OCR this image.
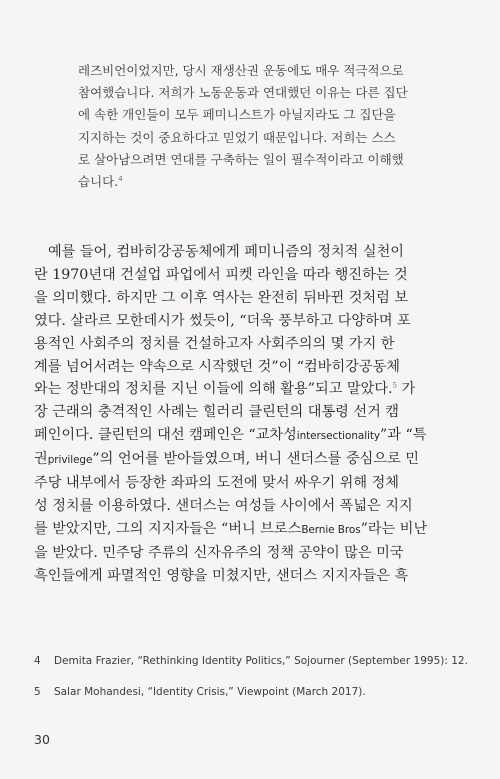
레즈비언이었지만, 당시 재생산권 운동에도 매우 적극적으로
참여했습니다. 저희가 노동운동과 연대했던 이유는 다른 집단
에 속한 개인들이 모두 페미니스트가 아닐지라도 그 집단을
지지하는 것이 중요하다고 믿었기 때문입니다. 저희는 스스
로 살아남으려면 연대를 구축하는 일이 필수적이라고 이해했
습니다.$^4$
예를 들어, 컴바히강공동체에게 페미니즘의 정치적 실천이
란 1970년대 건설업 파업에서 피켓 라인을 따라 행진하는 것
을 의미했다. 하지만 그 이후 역사는 완전히 뒤바뀐 것처럼 보
였다. 살라르 모한데시가 썼듯이, “더욱 풍부하고 다양하며 포
용적인 사회주의 정치를 건설하고자 사회주의의 몇 가지 한
계를 넘어서려는 약속으로 시작했던 것”이 “컴바히강공동체
와는 정반대의 정치를 지닌 이들에 의해 활용”되고 말았다.$^5$ 가
장 근래의 충격적인 사례는 힐러리 클린턴의 대통령 선거 캠
페인이다. 클린턴의 대선 캠페인은 “교차성intersectionality”과 “특
권privilege”의 언어를 받아들였으며, 버니 샌더스를 중심으로 민
주당 내부에서 등장한 좌파의 도전에 맞서 싸우기 위해 정체
성 정치를 이용하였다. 샌더스는 여성들 사이에서 폭넓은 지지
를 받았지만, 그의 지지자들은 “버니 브로스Bernie Bros”라는 비난
을 받았다. 민주당 주류의 신자유주의 정책 공약이 많은 미국
흑인들에게 파멸적인 영향을 미쳤지만, 샌더스 지지자들은 흑
4 Demita Frazier, “Rethinking Identity Politics,” Sojourner (September 1995): 12.
5 Salar Mohandesi, “Identity Crisis,” Viewpoint (March 2017).
30
